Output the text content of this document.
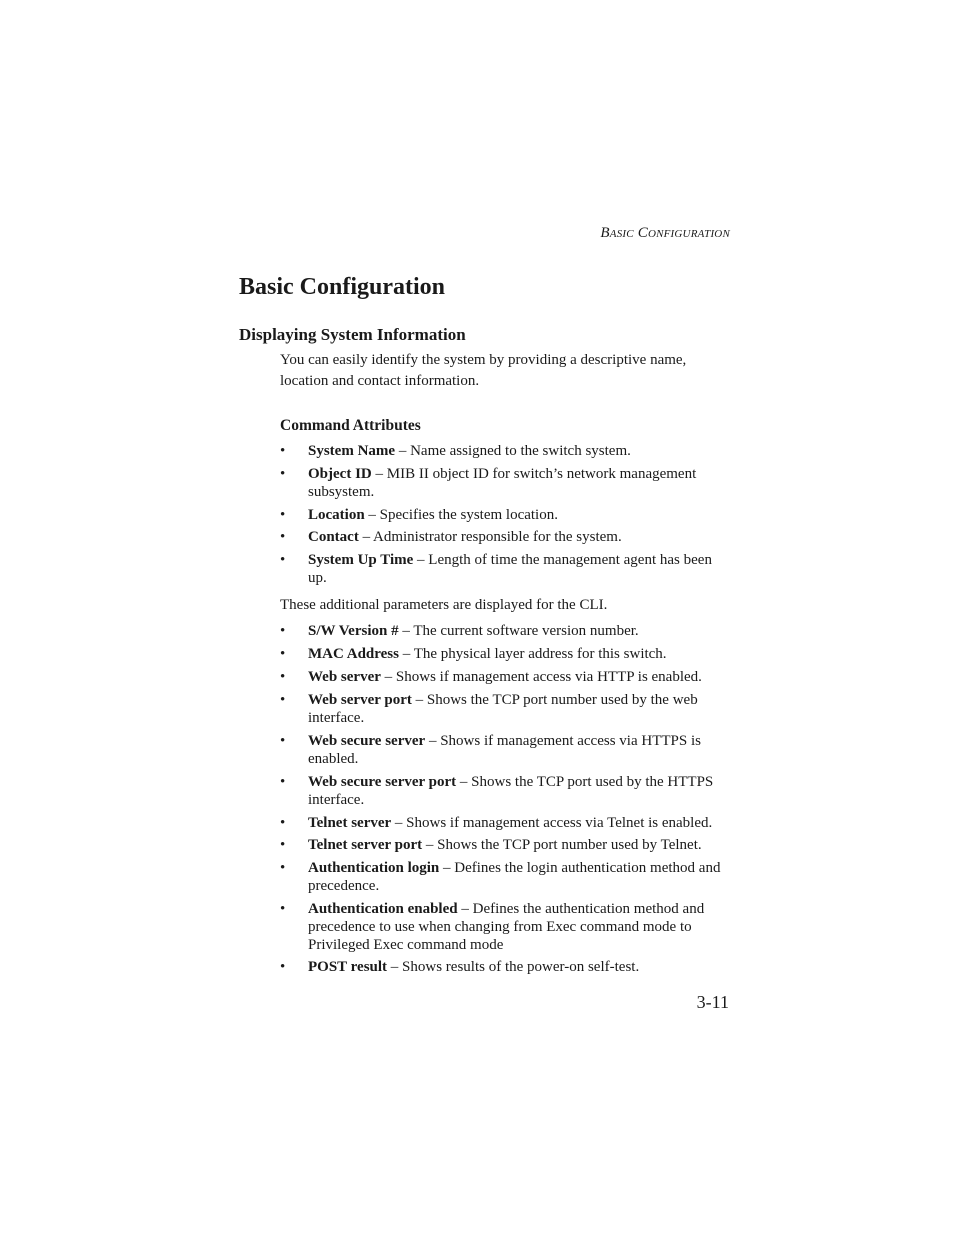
Basic Configuration
Basic Configuration
Displaying System Information

You can easily identify the system by providing a descriptive name, location and contact information.

Command Attributes
• System Name – Name assigned to the switch system.
• Object ID – MIB II object ID for switch’s network management subsystem.
• Location – Specifies the system location.
• Contact – Administrator responsible for the system.
• System Up Time – Length of time the management agent has been up.

These additional parameters are displayed for the CLI.

• S/W Version # – The current software version number.
• MAC Address – The physical layer address for this switch.
• Web server – Shows if management access via HTTP is enabled.
• Web server port – Shows the TCP port number used by the web interface.
• Web secure server – Shows if management access via HTTPS is enabled.
• Web secure server port – Shows the TCP port used by the HTTPS interface.
• Telnet server – Shows if management access via Telnet is enabled.
• Telnet server port – Shows the TCP port number used by Telnet.
• Authentication login – Defines the login authentication method and precedence.
• Authentication enabled – Defines the authentication method and precedence to use when changing from Exec command mode to Privileged Exec command mode
• POST result – Shows results of the power-on self-test.
3-11
